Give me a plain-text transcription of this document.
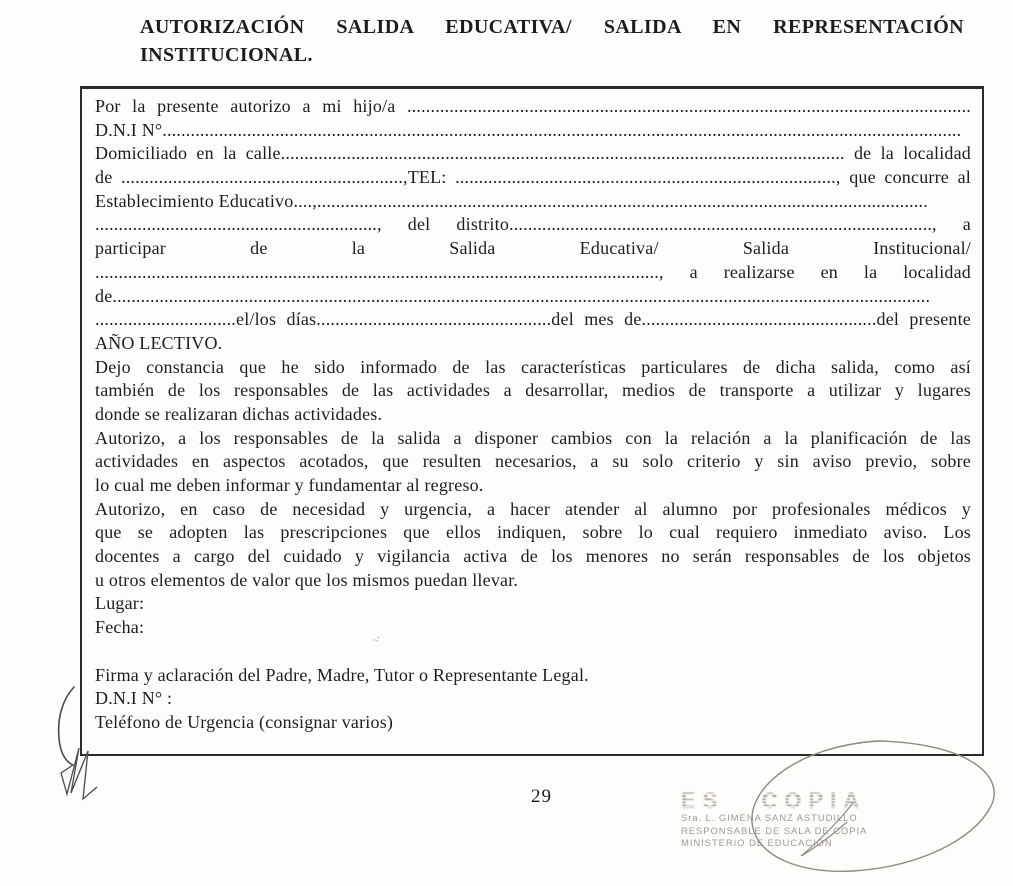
AUTORIZACIÓN SALIDA EDUCATIVA/ SALIDA EN REPRESENTACIÓN
INSTITUCIONAL.
Por la presente autorizo a mi hijo/a ........................................................................................................................
D.N.I N°..........................................................................................................................................................................
Domiciliado en la calle........................................................................................................................ de la localidad
de ............................................................,TEL: ................................................................................., que concurre al
Establecimiento Educativo....,..................................................................................................................................
............................................................, del distrito.........................................................................................., a
participar de la Salida Educativa/ Salida Institucional/
........................................................................................................................, a realizarse en la localidad
de..............................................................................................................................................................................
..............................el/los días..................................................del mes de..................................................del presente
AÑO LECTIVO.
Dejo constancia que he sido informado de las características particulares de dicha salida, como así
también de los responsables de las actividades a desarrollar, medios de transporte a utilizar y lugares
donde se realizaran dichas actividades.
Autorizo, a los responsables de la salida a disponer cambios con la relación a la planificación de las
actividades en aspectos acotados, que resulten necesarios, a su solo criterio y sin aviso previo, sobre
lo cual me deben informar y fundamentar al regreso.
Autorizo, en caso de necesidad y urgencia, a hacer atender al alumno por profesionales médicos y
que se adopten las prescripciones que ellos indiquen, sobre lo cual requiero inmediato aviso. Los
docentes a cargo del cuidado y vigilancia activa de los menores no serán responsables de los objetos
u otros elementos de valor que los mismos puedan llevar.
Lugar:
Fecha:

Firma y aclaración del Padre, Madre, Tutor o Representante Legal.
D.N.I N° :
Teléfono de Urgencia (consignar varios)
.:
29	ES COPIA
Sra. L. GIMENA SANZ ASTUDILLO
RESPONSABLE DE SALA DE COPIA
MINISTERIO DE EDUCACIÓN
